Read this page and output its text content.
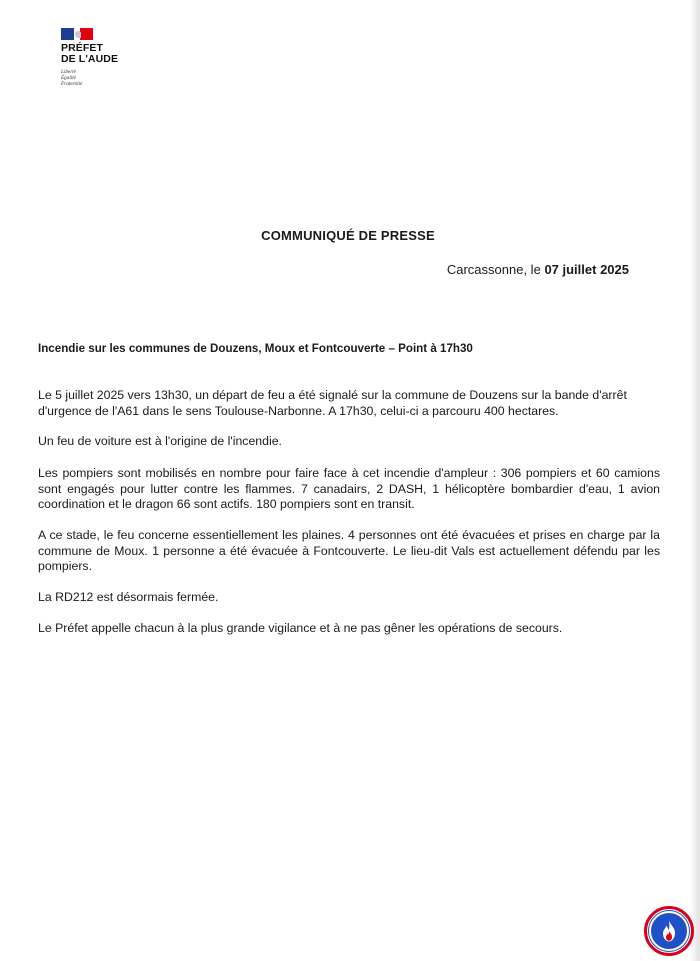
PRÉFET

DE L'AUDE

Liberté
Égalité
Fraternité
COMMUNIQUÉ DE PRESSE
Carcassonne, le 07 juillet 2025
Incendie sur les communes de Douzens, Moux et Fontcouverte – Point à 17h30

Le 5 juillet 2025 vers 13h30, un départ de feu a été signalé sur la commune de Douzens sur la bande d'arrêt d'urgence de l'A61 dans le sens Toulouse-Narbonne. A 17h30, celui-ci a parcouru 400 hectares.

Un feu de voiture est à l'origine de l'incendie.

Les pompiers sont mobilisés en nombre pour faire face à cet incendie d'ampleur : 306 pompiers et 60 camions sont engagés pour lutter contre les flammes. 7 canadairs, 2 DASH, 1 hélicoptère bombardier d'eau, 1 avion coordination et le dragon 66 sont actifs. 180 pompiers sont en transit.

A ce stade, le feu concerne essentiellement les plaines. 4 personnes ont été évacuées et prises en charge par la commune de Moux. 1 personne a été évacuée à Fontcouverte. Le lieu-dit Vals est actuellement défendu par les pompiers.

La RD212 est désormais fermée.

Le Préfet appelle chacun à la plus grande vigilance et à ne pas gêner les opérations de secours.
